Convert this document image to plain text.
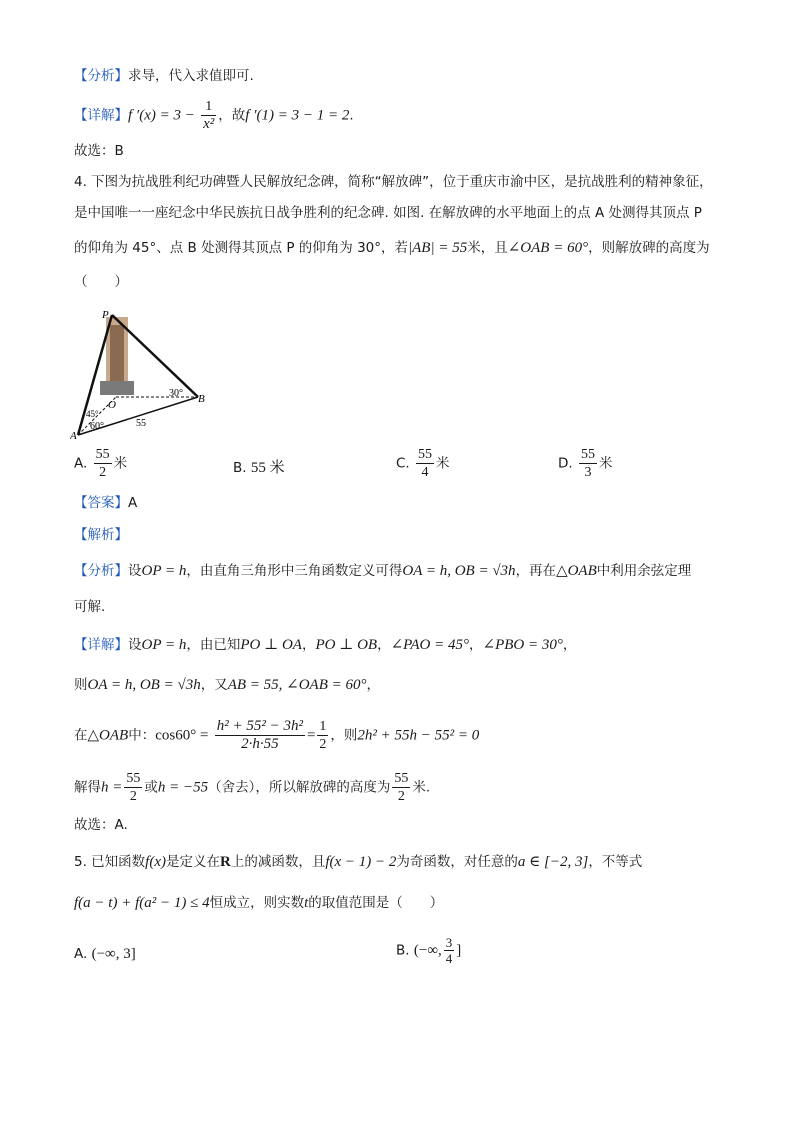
【分析】求导，代入求值即可.
【详解】f $'(x) = 3 - \frac{1}{\text{x²}}$ ，故f ′(1) = 3 − 1 = 2.
故选：B
4. 下图为抗战胜利纪功碑暨人民解放纪念碑，简称“解放碑”，位于重庆市渝中区，是抗战胜利的精神象征，
是中国唯一一座纪念中华民族抗日战争胜利的纪念碑. 如图. 在解放碑的水平地面上的点 A 处测得其顶点 P
的仰角为 45°、点 B 处测得其顶点 P 的仰角为 30°，若|AB| = 55米，且∠OAB = 60°，则解放碑的高度为
（　　）
P
O
A
B
30°
45°
60°	55
A. $\frac{55}{2}$ 米	B. 55 米	C. $\frac{55}{4}$ 米	D. $\frac{55}{3}$ 米
【答案】A
【解析】
【分析】设OP = h，由直角三角形中三角函数定义可得OA = h, OB = √3h，再在△OAB中利用余弦定理
可解.
【详解】设OP = h，由已知PO ⊥ OA，PO ⊥ OB，∠PAO = 45°，∠PBO = 30°，
则OA = h, OB = √3h，又AB = 55, ∠OAB = 60°，
在△OAB中：$\cos 60^\circ = \frac{\text{h² + 55² − 3h²}}{2\cdot h\cdot 55} = \frac{1}{2}$ ，则2h² + 55h − 55² = 0
解得$h = \frac{55}{2}$ 或h = −55（舍去），所以解放碑的高度为 $\frac{55}{2}$ 米.
故选：A.
5. 已知函数f(x)是定义在R上的减函数，且f(x − 1) − 2为奇函数，对任意的a ∈ [−2, 3]，不等式
f(a − t) + f(a² − 1) ≤ 4恒成立，则实数t的取值范围是（　　）
A. (−∞, 3]	B. (−∞, $\frac{3}{4}$ ]
